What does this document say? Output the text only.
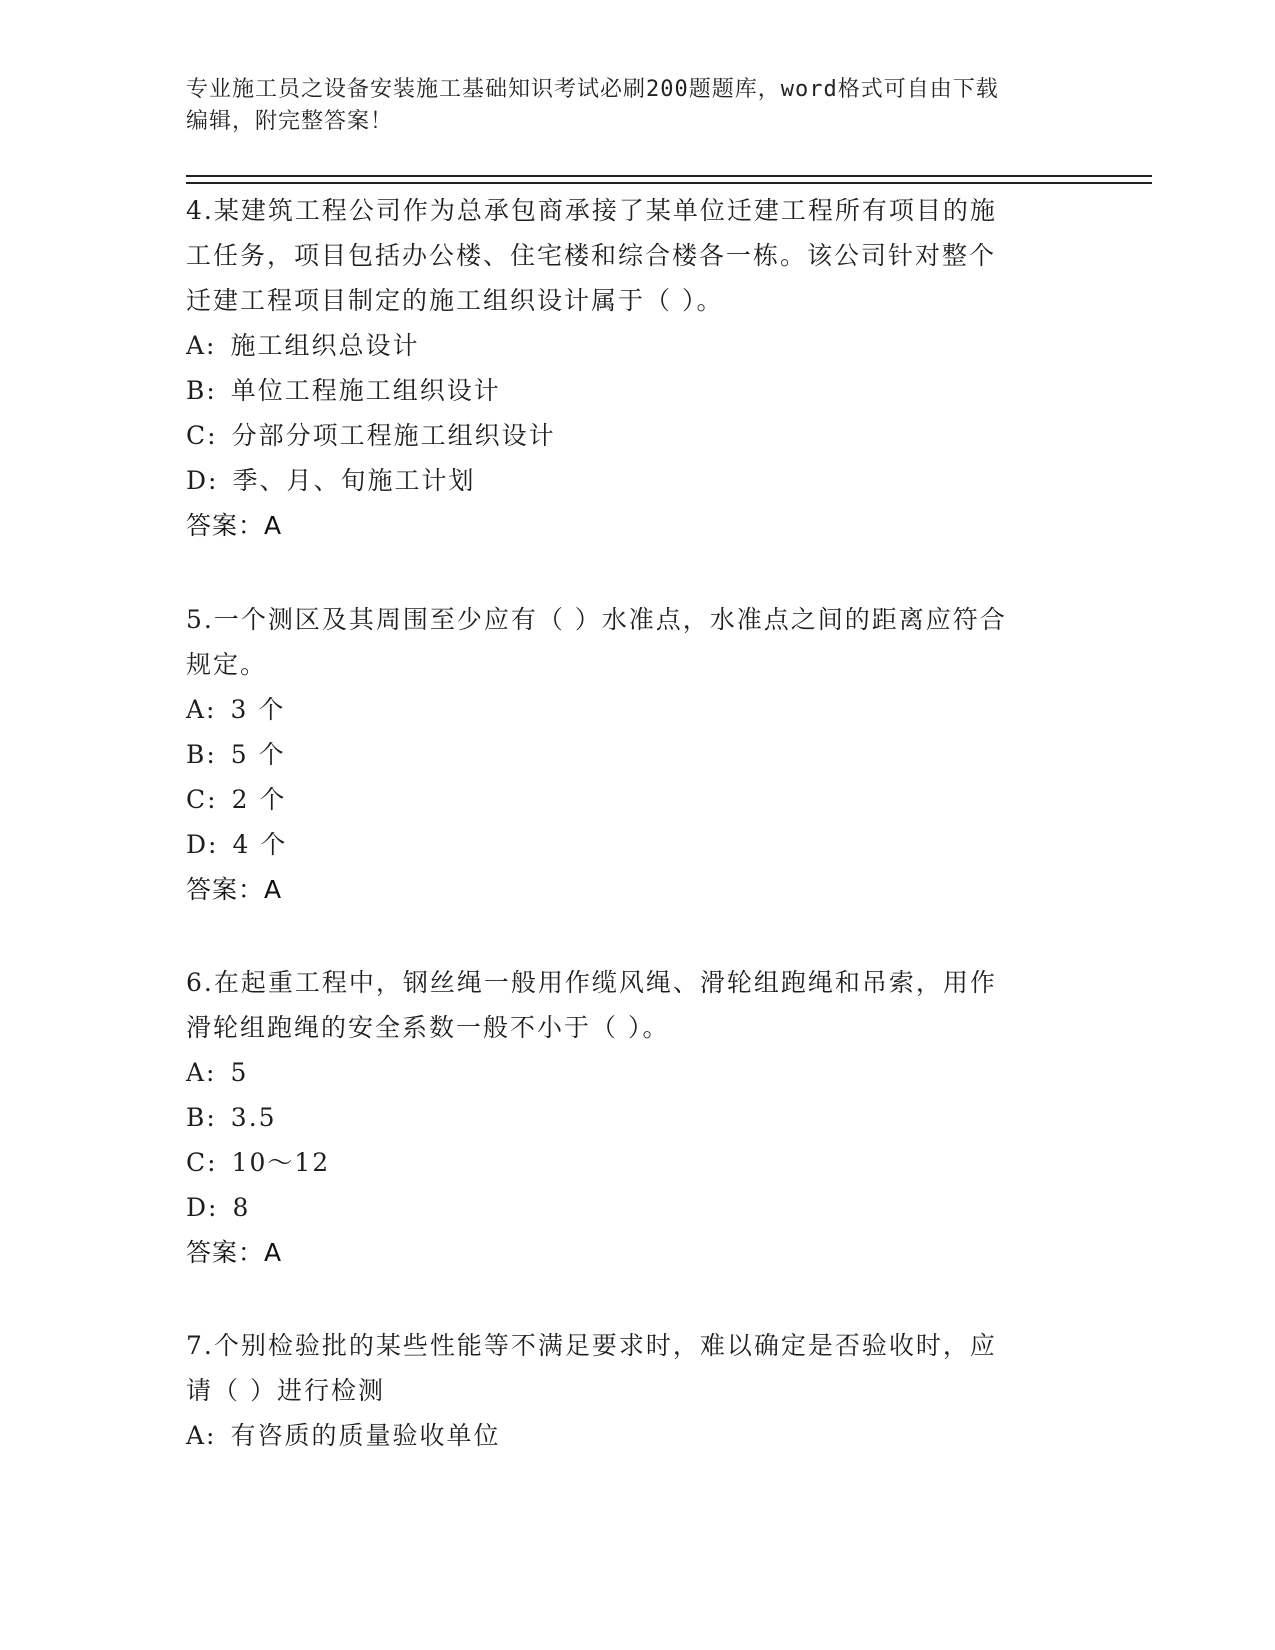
专业施工员之设备安装施工基础知识考试必刷200题题库，word格式可自由下载
编辑，附完整答案！

4.某建筑工程公司作为总承包商承接了某单位迁建工程所有项目的施

工任务，项目包括办公楼、住宅楼和综合楼各一栋。该公司针对整个

迁建工程项目制定的施工组织设计属于（ ）。

A: 施工组织总设计

B: 单位工程施工组织设计

C: 分部分项工程施工组织设计

D: 季、月、旬施工计划

答案：A

5.一个测区及其周围至少应有（ ）水准点，水准点之间的距离应符合

规定。

A: 3 个

B: 5 个

C: 2 个

D: 4 个

答案：A

6.在起重工程中，钢丝绳一般用作缆风绳、滑轮组跑绳和吊索，用作

滑轮组跑绳的安全系数一般不小于（ ）。

A: 5

B: 3.5

C: 10～12

D: 8

答案：A

7.个别检验批的某些性能等不满足要求时，难以确定是否验收时，应

请（ ）进行检测

A: 有咨质的质量验收单位
